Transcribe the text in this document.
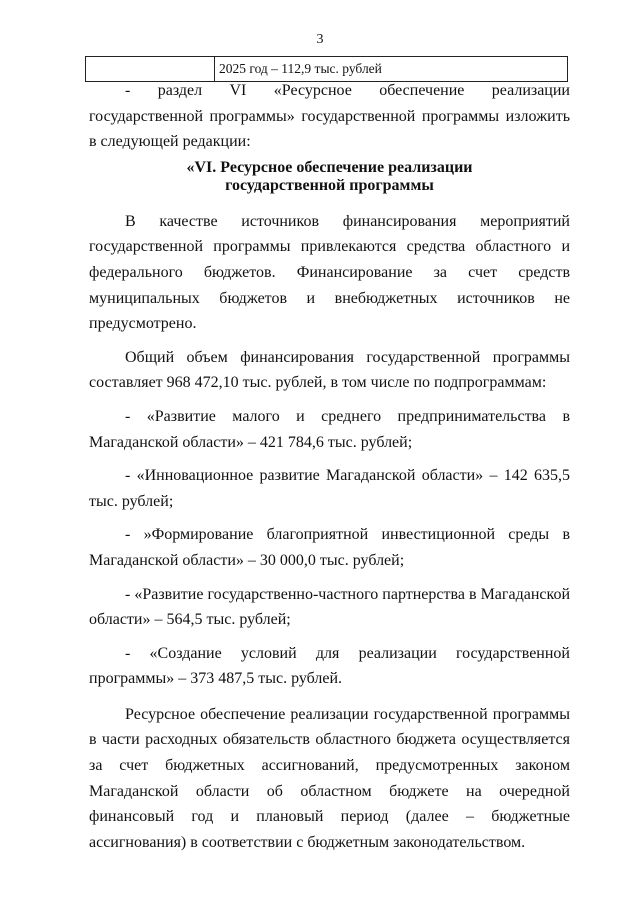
3
2025 год – 112,9 тыс. рублей

- раздел VI «Ресурсное обеспечение реализации государственной программы» государственной программы изложить в следующей редакции:

«VI. Ресурсное обеспечение реализации
государственной программы

В качестве источников финансирования мероприятий государственной программы привлекаются средства областного и федерального бюджетов. Финансирование за счет средств муниципальных бюджетов и внебюджетных источников не предусмотрено.

Общий объем финансирования государственной программы составляет 968 472,10 тыс. рублей, в том числе по подпрограммам:

- «Развитие малого и среднего предпринимательства в Магаданской области» – 421 784,6 тыс. рублей;

- «Инновационное развитие Магаданской области» – 142 635,5 тыс. рублей;

- »Формирование благоприятной инвестиционной среды в Магаданской области» – 30 000,0 тыс. рублей;

- «Развитие государственно-частного партнерства в Магаданской области» – 564,5 тыс. рублей;

- «Создание условий для реализации государственной программы» – 373 487,5 тыс. рублей.

Ресурсное обеспечение реализации государственной программы в части расходных обязательств областного бюджета осуществляется за счет бюджетных ассигнований, предусмотренных законом Магаданской области об областном бюджете на очередной финансовый год и плановый период (далее – бюджетные ассигнования) в соответствии с бюджетным законодательством.
